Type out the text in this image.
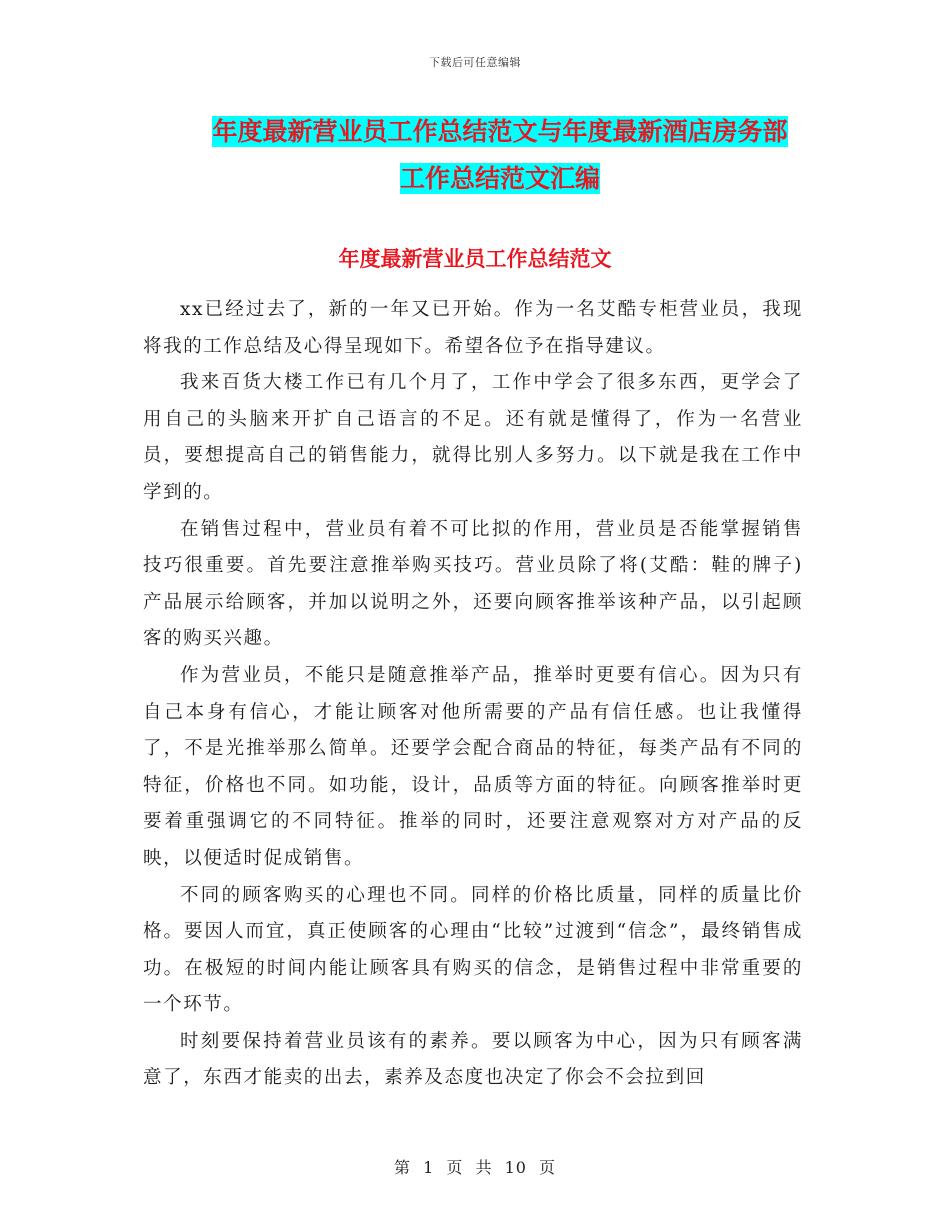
下载后可任意编辑
年度最新营业员工作总结范文与年度最新酒店房务部
工作总结范文汇编
年度最新营业员工作总结范文

xx已经过去了，新的一年又已开始。作为一名艾酷专柜营业员，我现将我的工作总结及心得呈现如下。希望各位予在指导建议。

我来百货大楼工作已有几个月了，工作中学会了很多东西，更学会了用自己的头脑来开扩自己语言的不足。还有就是懂得了，作为一名营业员，要想提高自己的销售能力，就得比别人多努力。以下就是我在工作中学到的。

在销售过程中，营业员有着不可比拟的作用，营业员是否能掌握销售技巧很重要。首先要注意推举购买技巧。营业员除了将(艾酷：鞋的牌子)产品展示给顾客，并加以说明之外，还要向顾客推举该种产品，以引起顾客的购买兴趣。

作为营业员，不能只是随意推举产品，推举时更要有信心。因为只有自己本身有信心，才能让顾客对他所需要的产品有信任感。也让我懂得了，不是光推举那么简单。还要学会配合商品的特征，每类产品有不同的特征，价格也不同。如功能，设计，品质等方面的特征。向顾客推举时更要着重强调它的不同特征。推举的同时，还要注意观察对方对产品的反映，以便适时促成销售。

不同的顾客购买的心理也不同。同样的价格比质量，同样的质量比价格。要因人而宜，真正使顾客的心理由“比较”过渡到“信念”，最终销售成功。在极短的时间内能让顾客具有购买的信念，是销售过程中非常重要的一个环节。

时刻要保持着营业员该有的素养。要以顾客为中心，因为只有顾客满意了，东西才能卖的出去，素养及态度也决定了你会不会拉到回

第 1 页 共 10 页
